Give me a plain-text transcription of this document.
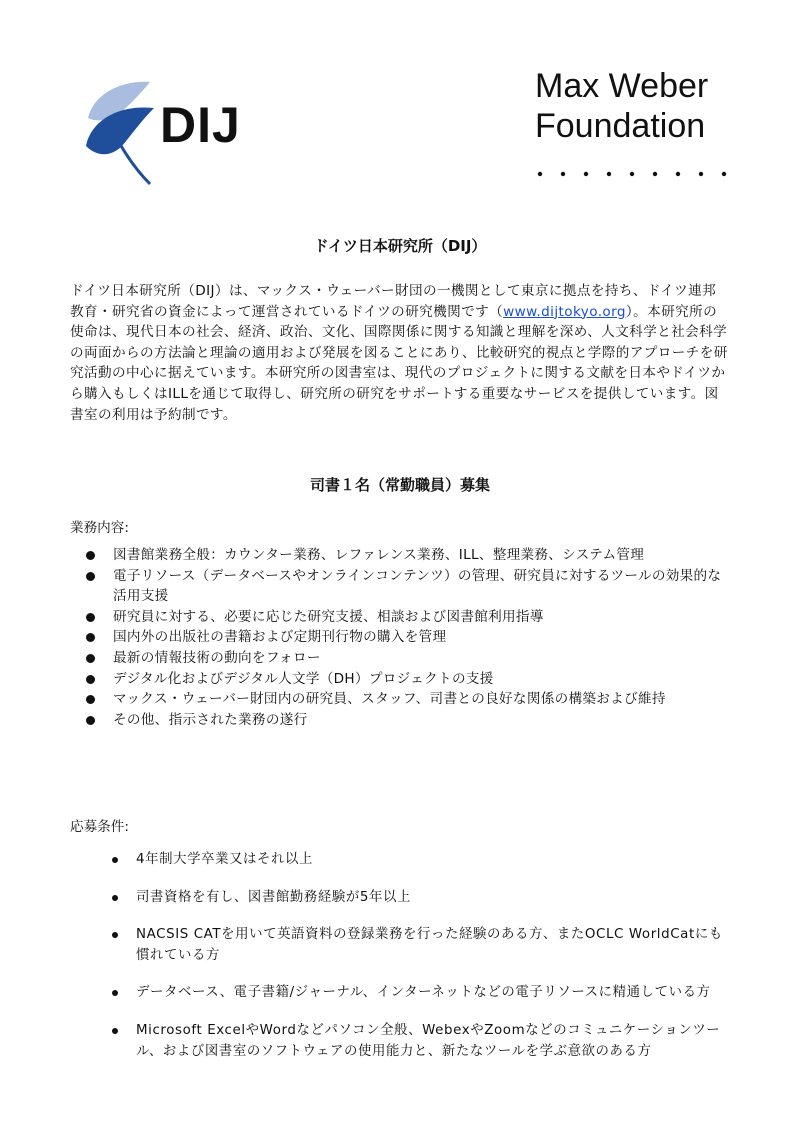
DIJ
Max Weber
Foundation
ドイツ日本研究所（DIJ）
ドイツ日本研究所（DIJ）は、マックス・ウェーバー財団の一機関として東京に拠点を持ち、ドイツ連邦教育・研究省の資金によって運営されているドイツの研究機関です（www.dijtokyo.org）。本研究所の使命は、現代日本の社会、経済、政治、文化、国際関係に関する知識と理解を深め、人文科学と社会科学の両面からの方法論と理論の適用および発展を図ることにあり、比較研究的視点と学際的アプローチを研究活動の中心に据えています。本研究所の図書室は、現代のプロジェクトに関する文献を日本やドイツから購入もしくはILLを通じて取得し、研究所の研究をサポートする重要なサービスを提供しています。図書室の利用は予約制です。
司書１名（常勤職員）募集
業務内容:
図書館業務全般：カウンター業務、レファレンス業務、ILL、整理業務、システム管理
電子リソース（データベースやオンラインコンテンツ）の管理、研究員に対するツールの効果的な活用支援
研究員に対する、必要に応じた研究支援、相談および図書館利用指導
国内外の出版社の書籍および定期刊行物の購入を管理
最新の情報技術の動向をフォロー
デジタル化およびデジタル人文学（DH）プロジェクトの支援
マックス・ウェーバー財団内の研究員、スタッフ、司書との良好な関係の構築および維持
その他、指示された業務の遂行
応募条件:
4年制大学卒業又はそれ以上
司書資格を有し、図書館勤務経験が5年以上
NACSIS CATを用いて英語資料の登録業務を行った経験のある方、またOCLC WorldCatにも慣れている方
データベース、電子書籍/ジャーナル、インターネットなどの電子リソースに精通している方
Microsoft ExcelやWordなどパソコン全般、WebexやZoomなどのコミュニケーションツール、および図書室のソフトウェアの使用能力と、新たなツールを学ぶ意欲のある方
